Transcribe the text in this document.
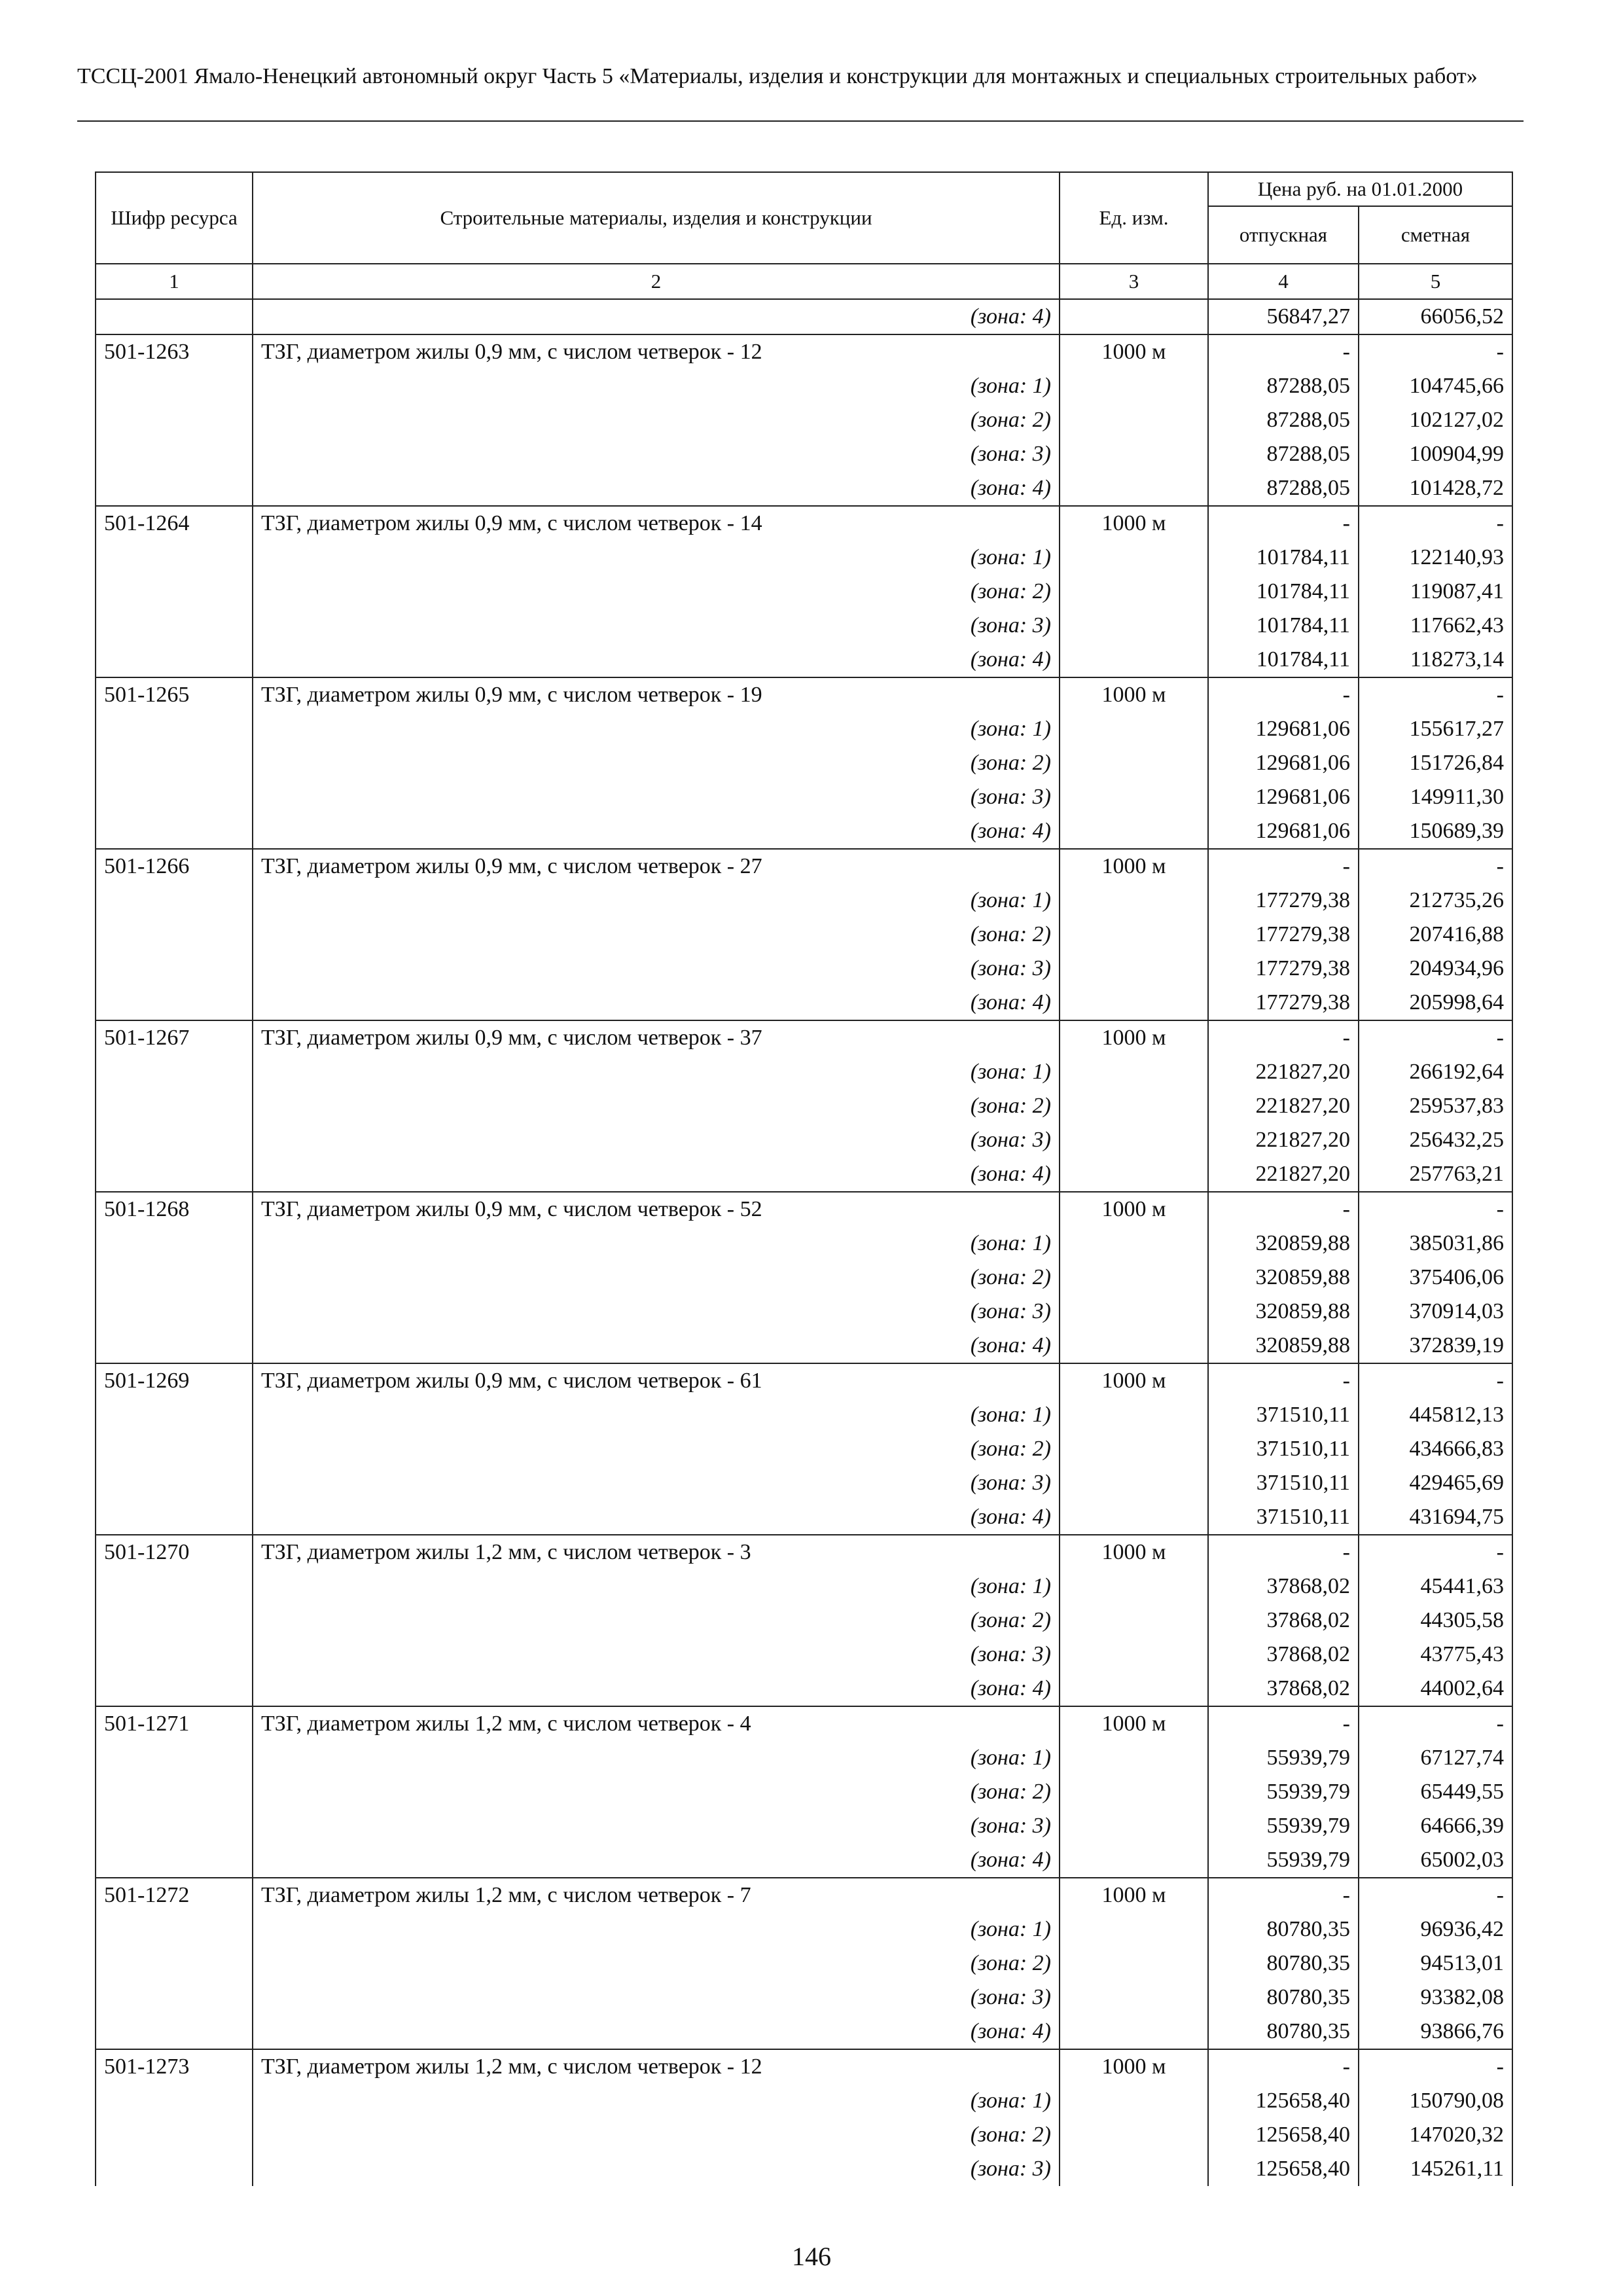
ТССЦ-2001 Ямало-Ненецкий автономный округ Часть 5 «Материалы, изделия и конструкции для монтажных и специальных строительных работ»
Шифр ресурса	Строительные материалы, изделия и конструкции	Ед. изм.	Цена руб. на 01.01.2000	
			отпускная	сметная
1	2	3	4	5
	(зона: 4)		56847,27	66056,52
501-1263	ТЗГ, диаметром жилы 0,9 мм, с числом четверок - 12	1000 м	-	-
	(зона: 1)		87288,05	104745,66
	(зона: 2)		87288,05	102127,02
	(зона: 3)		87288,05	100904,99
	(зона: 4)		87288,05	101428,72
501-1264	ТЗГ, диаметром жилы 0,9 мм, с числом четверок - 14	1000 м	-	-
	(зона: 1)		101784,11	122140,93
	(зона: 2)		101784,11	119087,41
	(зона: 3)		101784,11	117662,43
	(зона: 4)		101784,11	118273,14
501-1265	ТЗГ, диаметром жилы 0,9 мм, с числом четверок - 19	1000 м	-	-
	(зона: 1)		129681,06	155617,27
	(зона: 2)		129681,06	151726,84
	(зона: 3)		129681,06	149911,30
	(зона: 4)		129681,06	150689,39
501-1266	ТЗГ, диаметром жилы 0,9 мм, с числом четверок - 27	1000 м	-	-
	(зона: 1)		177279,38	212735,26
	(зона: 2)		177279,38	207416,88
	(зона: 3)		177279,38	204934,96
	(зона: 4)		177279,38	205998,64
501-1267	ТЗГ, диаметром жилы 0,9 мм, с числом четверок - 37	1000 м	-	-
	(зона: 1)		221827,20	266192,64
	(зона: 2)		221827,20	259537,83
	(зона: 3)		221827,20	256432,25
	(зона: 4)		221827,20	257763,21
501-1268	ТЗГ, диаметром жилы 0,9 мм, с числом четверок - 52	1000 м	-	-
	(зона: 1)		320859,88	385031,86
	(зона: 2)		320859,88	375406,06
	(зона: 3)		320859,88	370914,03
	(зона: 4)		320859,88	372839,19
501-1269	ТЗГ, диаметром жилы 0,9 мм, с числом четверок - 61	1000 м	-	-
	(зона: 1)		371510,11	445812,13
	(зона: 2)		371510,11	434666,83
	(зона: 3)		371510,11	429465,69
	(зона: 4)		371510,11	431694,75
501-1270	ТЗГ, диаметром жилы 1,2 мм, с числом четверок - 3	1000 м	-	-
	(зона: 1)		37868,02	45441,63
	(зона: 2)		37868,02	44305,58
	(зона: 3)		37868,02	43775,43
	(зона: 4)		37868,02	44002,64
501-1271	ТЗГ, диаметром жилы 1,2 мм, с числом четверок - 4	1000 м	-	-
	(зона: 1)		55939,79	67127,74
	(зона: 2)		55939,79	65449,55
	(зона: 3)		55939,79	64666,39
	(зона: 4)		55939,79	65002,03
501-1272	ТЗГ, диаметром жилы 1,2 мм, с числом четверок - 7	1000 м	-	-
	(зона: 1)		80780,35	96936,42
	(зона: 2)		80780,35	94513,01
	(зона: 3)		80780,35	93382,08
	(зона: 4)		80780,35	93866,76
501-1273	ТЗГ, диаметром жилы 1,2 мм, с числом четверок - 12	1000 м	-	-
	(зона: 1)		125658,40	150790,08
	(зона: 2)		125658,40	147020,32
	(зона: 3)		125658,40	145261,11
146
